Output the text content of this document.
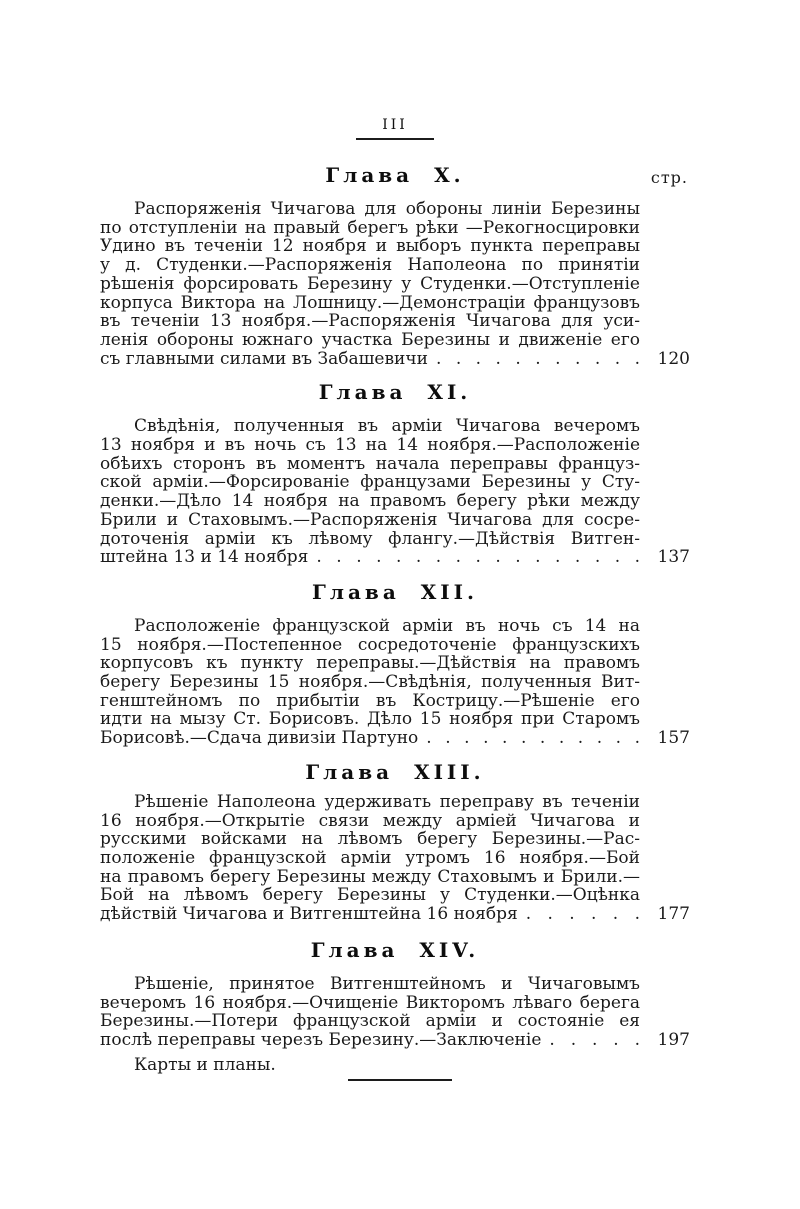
III
Глава X.	стр.
Распоряженія Чичагова для обороны линіи Березины
по отступленіи на правый берегъ рѣки —Рекогносцировки
Удино въ теченіи 12 ноября и выборъ пункта переправы
у д. Студенки.—Распоряженія Наполеона по принятіи
рѣшенія форсировать Березину у Студенки.—Отступленіе
корпуса Виктора на Лошницу.—Демонстраціи французовъ
въ теченіи 13 ноября.—Распоряженія Чичагова для уси-
ленія обороны южнаго участка Березины и движеніе его
съ главными силами въ Забашевичи . . . . . . . . . . . 120
Глава XI.
Свѣдѣнія, полученныя въ арміи Чичагова вечеромъ
13 ноября и въ ночь съ 13 на 14 ноября.—Расположеніе
обѣихъ сторонъ въ моментъ начала переправы француз-
ской арміи.—Форсированіе французами Березины у Сту-
денки.—Дѣло 14 ноября на правомъ берегу рѣки между
Брили и Стаховымъ.—Распоряженія Чичагова для сосре-
доточенія арміи къ лѣвому флангу.—Дѣйствія Витген-
штейна 13 и 14 ноября . . . . . . . . . . . . . . . . . 137
Глава XII.
Расположеніе французской арміи въ ночь съ 14 на
15 ноября.—Постепенное сосредоточеніе французскихъ
корпусовъ къ пункту переправы.—Дѣйствія на правомъ
берегу Березины 15 ноября.—Свѣдѣнія, полученныя Вит-
генштейномъ по прибытіи въ Кострицу.—Рѣшеніе его
идти на мызу Ст. Борисовъ. Дѣло 15 ноября при Старомъ
Борисовѣ.—Сдача дивизіи Партуно . . . . . . . . . . . . 157
Глава XIII.
Рѣшеніе Наполеона удерживать переправу въ теченіи
16 ноября.—Открытіе связи между арміей Чичагова и
русскими войсками на лѣвомъ берегу Березины.—Рас-
положеніе французской арміи утромъ 16 ноября.—Бой
на правомъ берегу Березины между Стаховымъ и Брили.—
Бой на лѣвомъ берегу Березины у Студенки.—Оцѣнка
дѣйствій Чичагова и Витгенштейна 16 ноября . . . . . . 177
Глава XIV.
Рѣшеніе, принятое Витгенштейномъ и Чичаговымъ
вечеромъ 16 ноября.—Очищеніе Викторомъ лѣваго берега
Березины.—Потери французской арміи и состояніе ея
послѣ переправы черезъ Березину.—Заключеніе . . . . . 197
Карты и планы.
